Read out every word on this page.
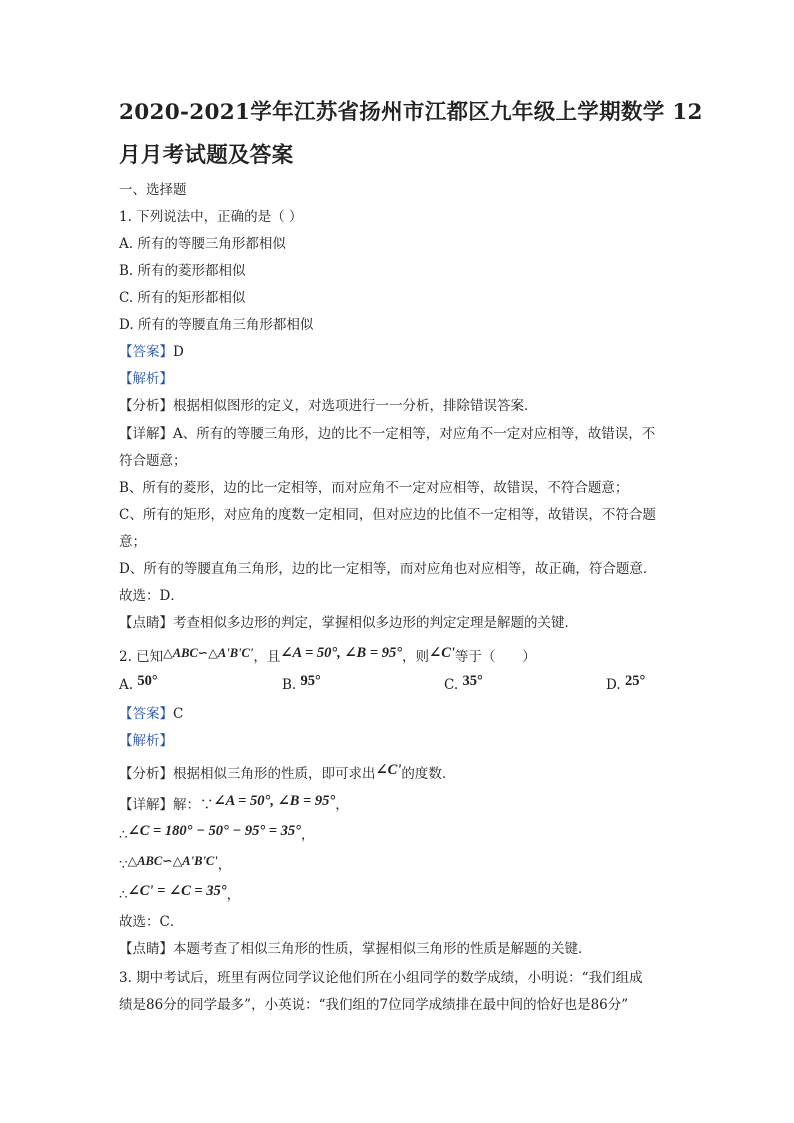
2020-2021学年江苏省扬州市江都区九年级上学期数学 12
月月考试题及答案
一、选择题
1. 下列说法中，正确的是（ ）
A. 所有的等腰三角形都相似
B. 所有的菱形都相似
C. 所有的矩形都相似
D. 所有的等腰直角三角形都相似
【答案】D
【解析】
【分析】根据相似图形的定义，对选项进行一一分析，排除错误答案．
【详解】A、所有的等腰三角形，边的比不一定相等，对应角不一定对应相等，故错误，不
符合题意；
B、所有的菱形，边的比一定相等，而对应角不一定对应相等，故错误，不符合题意；
C、所有的矩形，对应角的度数一定相同，但对应边的比值不一定相等，故错误，不符合题
意；
D、所有的等腰直角三角形，边的比一定相等，而对应角也对应相等，故正确，符合题意．
故选：D．
【点睛】考查相似多边形的判定，掌握相似多边形的判定定理是解题的关键．
2. 已知△ABC∽△A'B'C'，且∠A = 50°, ∠B = 95°，则∠C'等于（　　）
A. 50°	B. 95°	C. 35°	D. 25°
【答案】C
【解析】
【分析】根据相似三角形的性质，即可求出∠C'的度数．
【详解】解：∵∠A = 50°, ∠B = 95°，
∴∠C = 180° − 50° − 95° = 35°，
∵△ABC∽△A'B'C'，
∴∠C' = ∠C = 35°，
故选：C．
【点睛】本题考查了相似三角形的性质，掌握相似三角形的性质是解题的关键．
3. 期中考试后，班里有两位同学议论他们所在小组同学的数学成绩，小明说：“我们组成
绩是86分的同学最多”，小英说：“我们组的7位同学成绩排在最中间的恰好也是86分”
